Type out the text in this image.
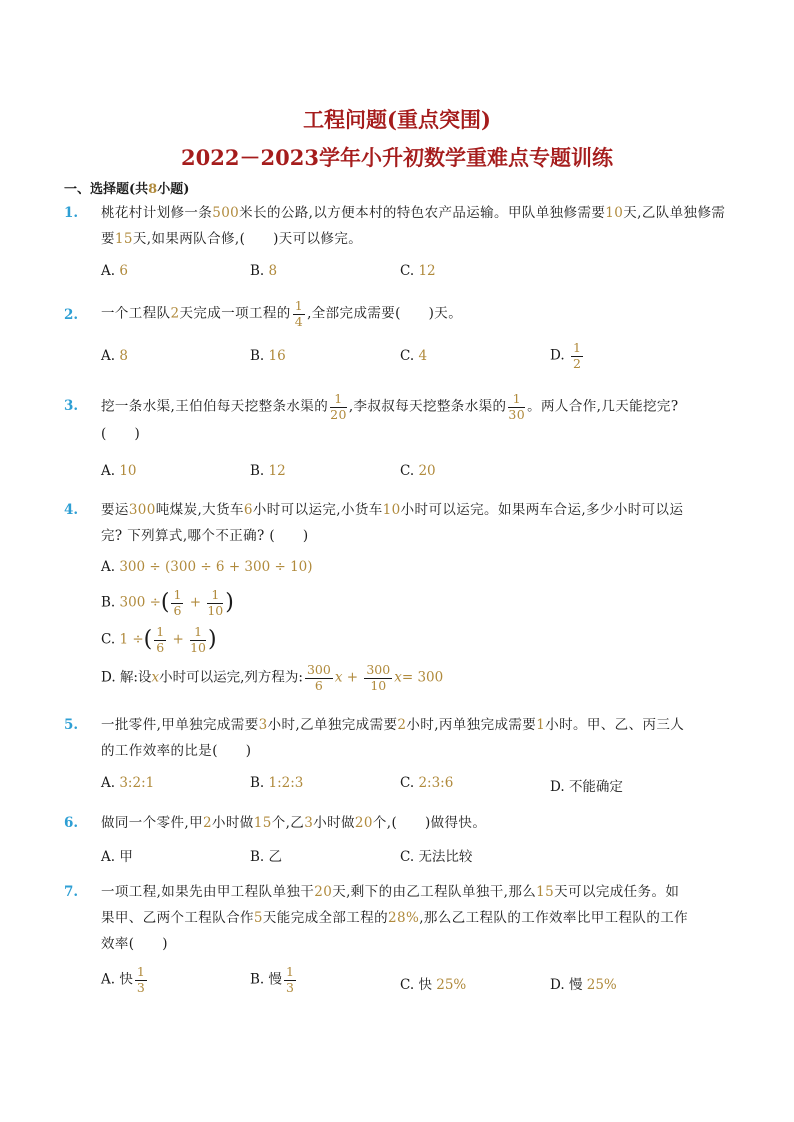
工程问题(重点突围)
2022－2023学年小升初数学重难点专题训练
一、选择题(共8小题)
1.	桃花村计划修一条500米长的公路,以方便本村的特色农产品运输。甲队单独修需要10天,乙队单独修需要15天,如果两队合修,(　　 )天可以修完。
A. 6	B. 8	C. 12
2.	一个工程队2天完成一项工程的 $\frac{1}{4}$ ,全部完成需要(　　 )天。
A. 8	B. 16	C. 4	D. $\frac{1}{2}$
3.	挖一条水渠,王伯伯每天挖整条水渠的 $\frac{1}{20}$ ,李叔叔每天挖整条水渠的 $\frac{1}{30}$ 。两人合作,几天能挖完?
(　　)
A. 10	B. 12	C. 20
4.	要运300吨煤炭,大货车6小时可以运完,小货车10小时可以运完。如果两车合运,多少小时可以运
完? 下列算式,哪个不正确? (　　 )
A. 300 ÷ (300 ÷ 6 + 300 ÷ 10)
B. 300 ÷( $\frac{1}{6} + \frac{1}{10}$ )
C. 1 ÷( $\frac{1}{6} + \frac{1}{10}$ )
D. 解:设x小时可以运完,列方程为: $\frac{300}{6}$ $x + \frac{300}{10} x= 300$
5.	一批零件,甲单独完成需要3小时,乙单独完成需要2小时,丙单独完成需要1小时。甲、乙、丙三人
的工作效率的比是(　　 )
A. 3:2:1	B. 1:2:3	C. 2:3:6	D. 不能确定
6.	做同一个零件,甲2小时做15个,乙3小时做20个,(　　 )做得快。
A. 甲	B. 乙	C. 无法比较
7.	一项工程,如果先由甲工程队单独干20天,剩下的由乙工程队单独干,那么15天可以完成任务。如
果甲、乙两个工程队合作5天能完成全部工程的28%,那么乙工程队的工作效率比甲工程队的工作
效率(　　 )
A. 快 $\frac{1}{3}$	B. 慢 $\frac{1}{3}$	C. 快 25%	D. 慢 25%
